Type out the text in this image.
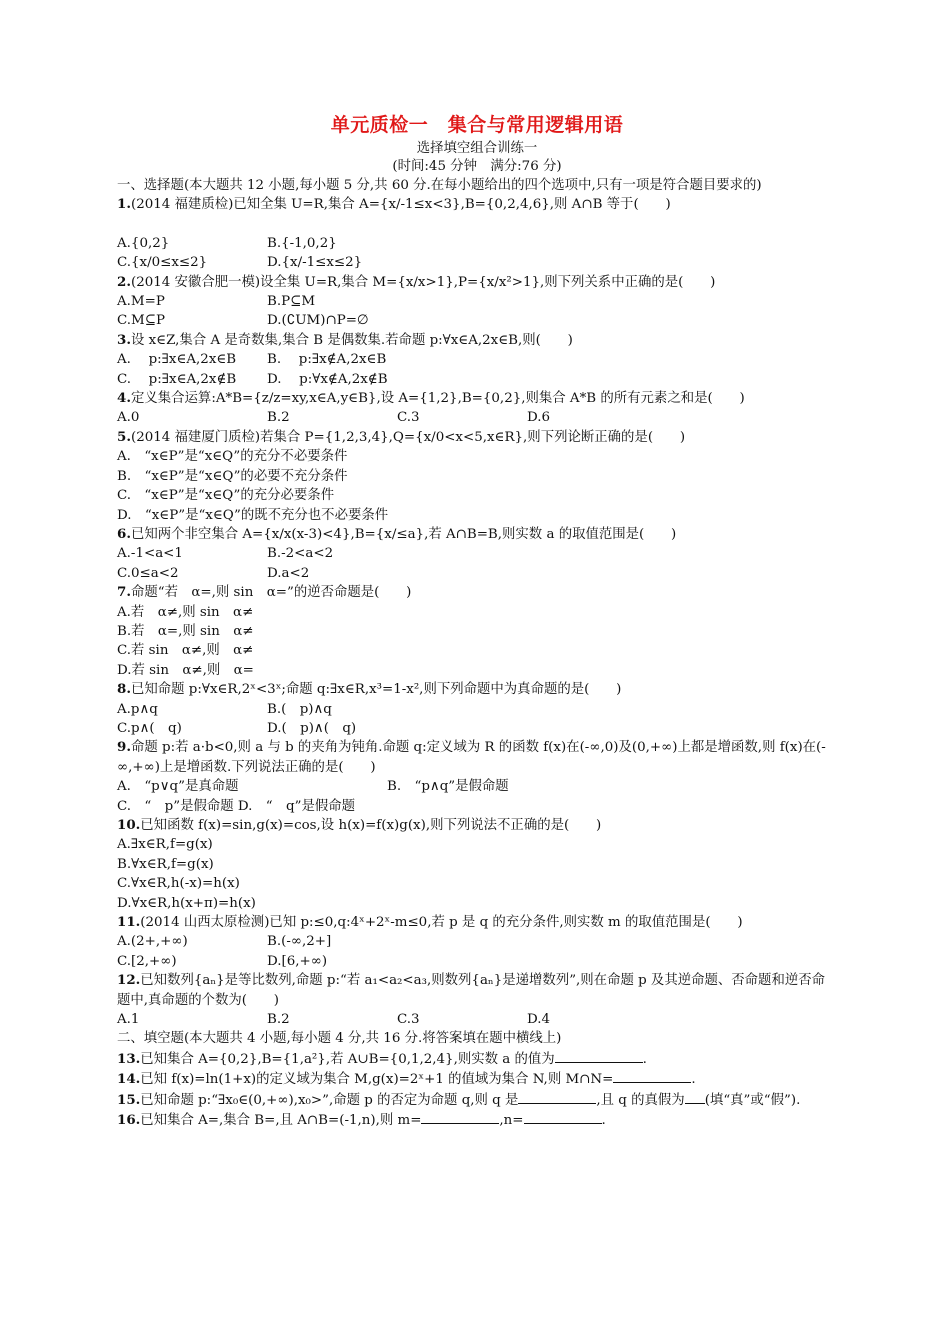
单元质检一　集合与常用逻辑用语
选择填空组合训练一
(时间:45 分钟　满分:76 分)
一、选择题(本大题共 12 小题,每小题 5 分,共 60 分.在每小题给出的四个选项中,只有一项是符合题目要求的)
1.(2014 福建质检)已知全集 U=R,集合 A={x/-1≤x<3},B={0,2,4,6},则 A∩B 等于(　　)
A.{0,2}	B.{-1,0,2}
C.{x/0≤x≤2}	D.{x/-1≤x≤2}
2.(2014 安徽合肥一模)设全集 U=R,集合 M={x/x>1},P={x/x²>1},则下列关系中正确的是(　　)
A.M=P	B.P⊆M
C.M⊆P	D.(∁UM)∩P=∅
3.设 x∈Z,集合 A 是奇数集,集合 B 是偶数集.若命题 p:∀x∈A,2x∈B,则(　　)
A.　 p:∃x∈A,2x∈B	B.　 p:∃x∉A,2x∈B
C.　 p:∃x∈A,2x∉B	D.　 p:∀x∉A,2x∉B
4.定义集合运算:A*B={z/z=xy,x∈A,y∈B},设 A={1,2},B={0,2},则集合 A*B 的所有元素之和是(　　)
A.0	B.2	C.3	D.6
5.(2014 福建厦门质检)若集合 P={1,2,3,4},Q={x/0<x<5,x∈R},则下列论断正确的是(　　)
A.　“x∈P”是“x∈Q”的充分不必要条件
B.　“x∈P”是“x∈Q”的必要不充分条件
C.　“x∈P”是“x∈Q”的充分必要条件
D.　“x∈P”是“x∈Q”的既不充分也不必要条件
6.已知两个非空集合 A={x/x(x-3)<4},B={x/≤a},若 A∩B=B,则实数 a 的取值范围是(　　)
A.-1<a<1	B.-2<a<2
C.0≤a<2	D.a<2
7.命题“若　α=,则 sin　α=”的逆否命题是(　　)
A.若　α≠,则 sin　α≠
B.若　α=,则 sin　α≠
C.若 sin　α≠,则　α≠
D.若 sin　α≠,则　α=
8.已知命题 p:∀x∈R,2ˣ<3ˣ;命题 q:∃x∈R,x³=1-x²,则下列命题中为真命题的是(　　)
A.p∧q	B.(　p)∧q
C.p∧(　q)	D.(　p)∧(　q)
9.命题 p:若 a·b<0,则 a 与 b 的夹角为钝角.命题 q:定义域为 R 的函数 f(x)在(-∞,0)及(0,+∞)上都是增函数,则 f(x)在(-∞,+∞)上是增函数.下列说法正确的是(　　)
A.　“p∨q”是真命题	B.　“p∧q”是假命题
C.　“　p”是假命题 D.　“　q”是假命题
10.已知函数 f(x)=sin,g(x)=cos,设 h(x)=f(x)g(x),则下列说法不正确的是(　　)
A.∃x∈R,f=g(x)
B.∀x∈R,f=g(x)
C.∀x∈R,h(-x)=h(x)
D.∀x∈R,h(x+π)=h(x)
11.(2014 山西太原检测)已知 p:≤0,q:4ˣ+2ˣ-m≤0,若 p 是 q 的充分条件,则实数 m 的取值范围是(　　)
A.(2+,+∞)	B.(-∞,2+]
C.[2,+∞)	D.[6,+∞)
12.已知数列{aₙ}是等比数列,命题 p:“若 a₁<a₂<a₃,则数列{aₙ}是递增数列”,则在命题 p 及其逆命题、否命题和逆否命题中,真命题的个数为(　　)
A.1	B.2	C.3	D.4
二、填空题(本大题共 4 小题,每小题 4 分,共 16 分.将答案填在题中横线上)
13.已知集合 A={0,2},B={1,a²},若 A∪B={0,1,2,4},则实数 a 的值为	.
14.已知 f(x)=ln(1+x)的定义域为集合 M,g(x)=2ˣ+1 的值域为集合 N,则 M∩N=	.
15.已知命题 p:“∃x₀∈(0,+∞),x₀>”,命题 p 的否定为命题 q,则 q 是	,且 q 的真假为 (填“真”或“假”).
16.已知集合 A=,集合 B=,且 A∩B=(-1,n),则 m=	,n=	.
